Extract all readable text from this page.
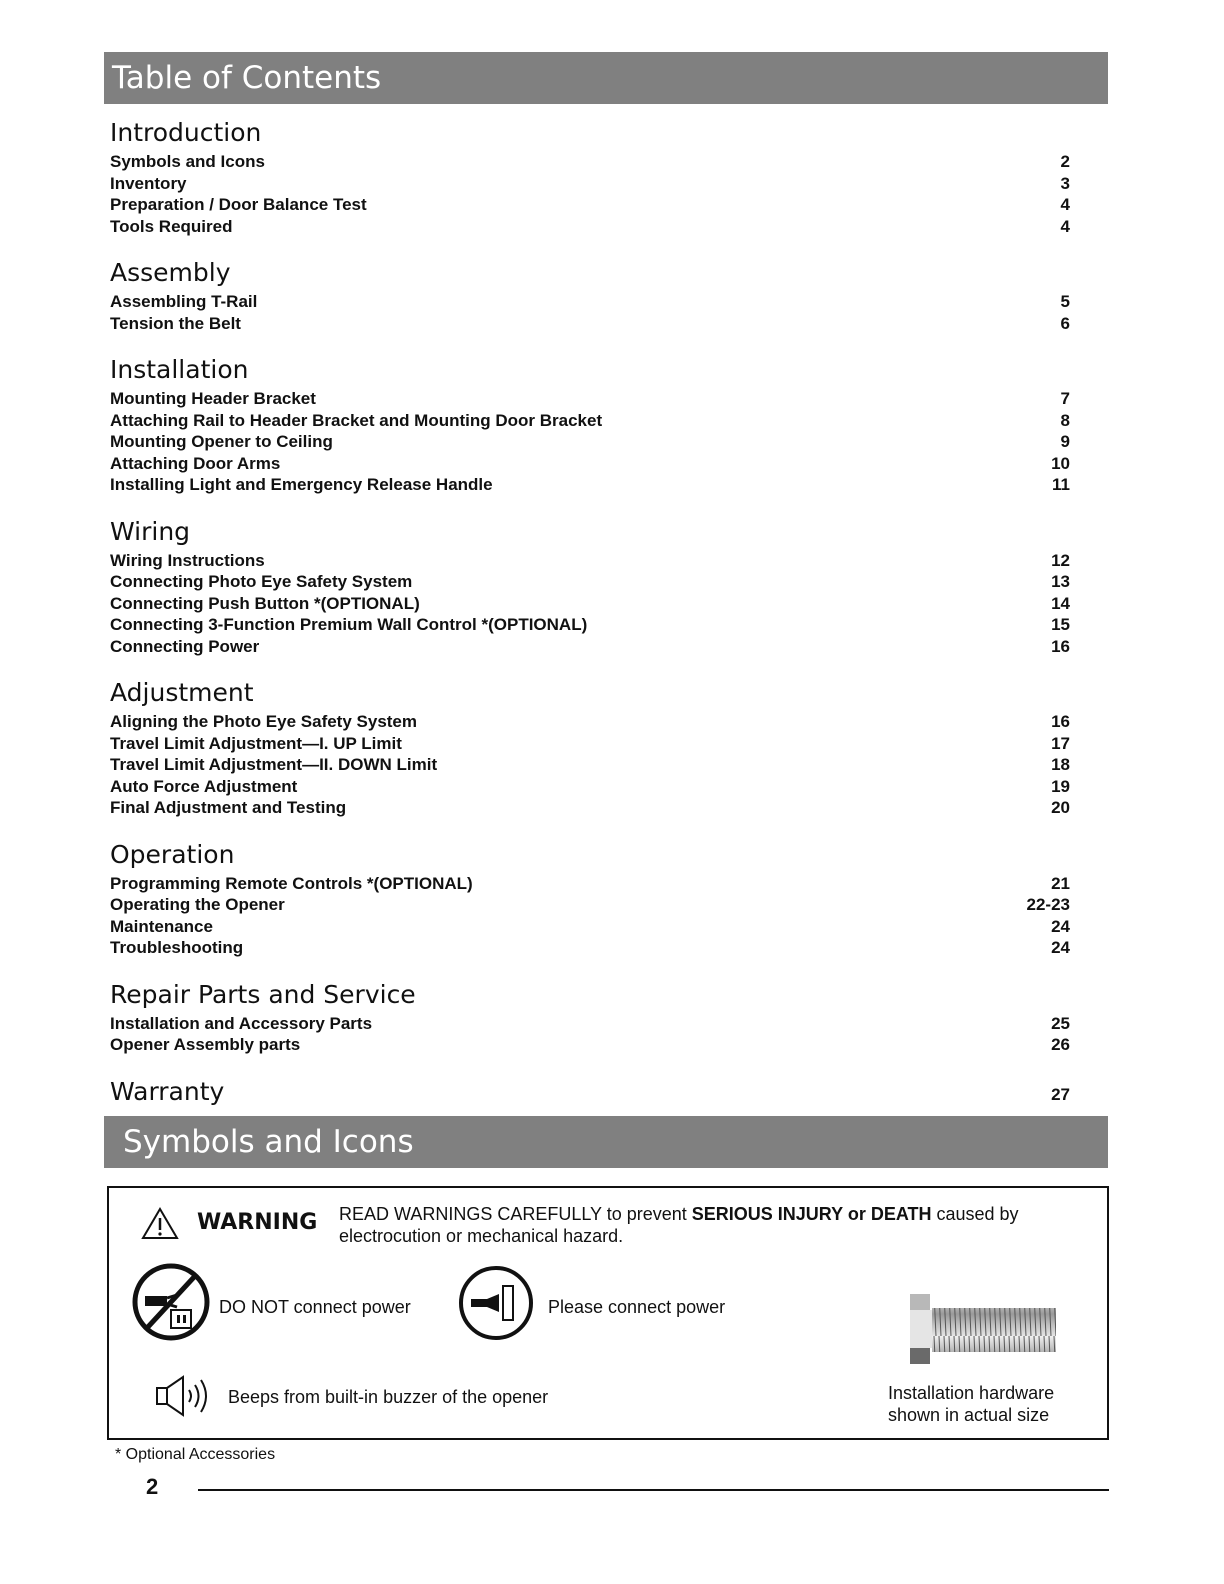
Table of Contents
Introduction
Symbols and Icons	2
Inventory	3
Preparation / Door Balance Test	4
Tools Required	4
Assembly
Assembling T-Rail	5
Tension the Belt	6
Installation
Mounting Header Bracket	7
Attaching Rail to Header Bracket and Mounting Door Bracket	8
Mounting Opener to Ceiling	9
Attaching Door Arms	10
Installing Light and Emergency Release Handle	11
Wiring
Wiring Instructions	12
Connecting Photo Eye Safety System	13
Connecting Push Button *(OPTIONAL)	14
Connecting 3-Function Premium Wall Control *(OPTIONAL)	15
Connecting Power	16
Adjustment
Aligning the Photo Eye Safety System	16
Travel Limit Adjustment—I. UP Limit	17
Travel Limit Adjustment—II. DOWN Limit	18
Auto Force Adjustment	19
Final Adjustment and Testing	20
Operation
Programming Remote Controls *(OPTIONAL)	21
Operating the Opener	22-23
Maintenance	24
Troubleshooting	24
Repair Parts and Service
Installation and Accessory Parts	25
Opener Assembly parts	26
Warranty	27
Symbols and Icons
WARNING READ WARNINGS CAREFULLY to prevent SERIOUS INJURY or DEATH caused by electrocution or mechanical hazard.
DO NOT connect power	Please connect power
Beeps from built-in buzzer of the opener	Installation hardware
shown in actual size
* Optional Accessories
2
